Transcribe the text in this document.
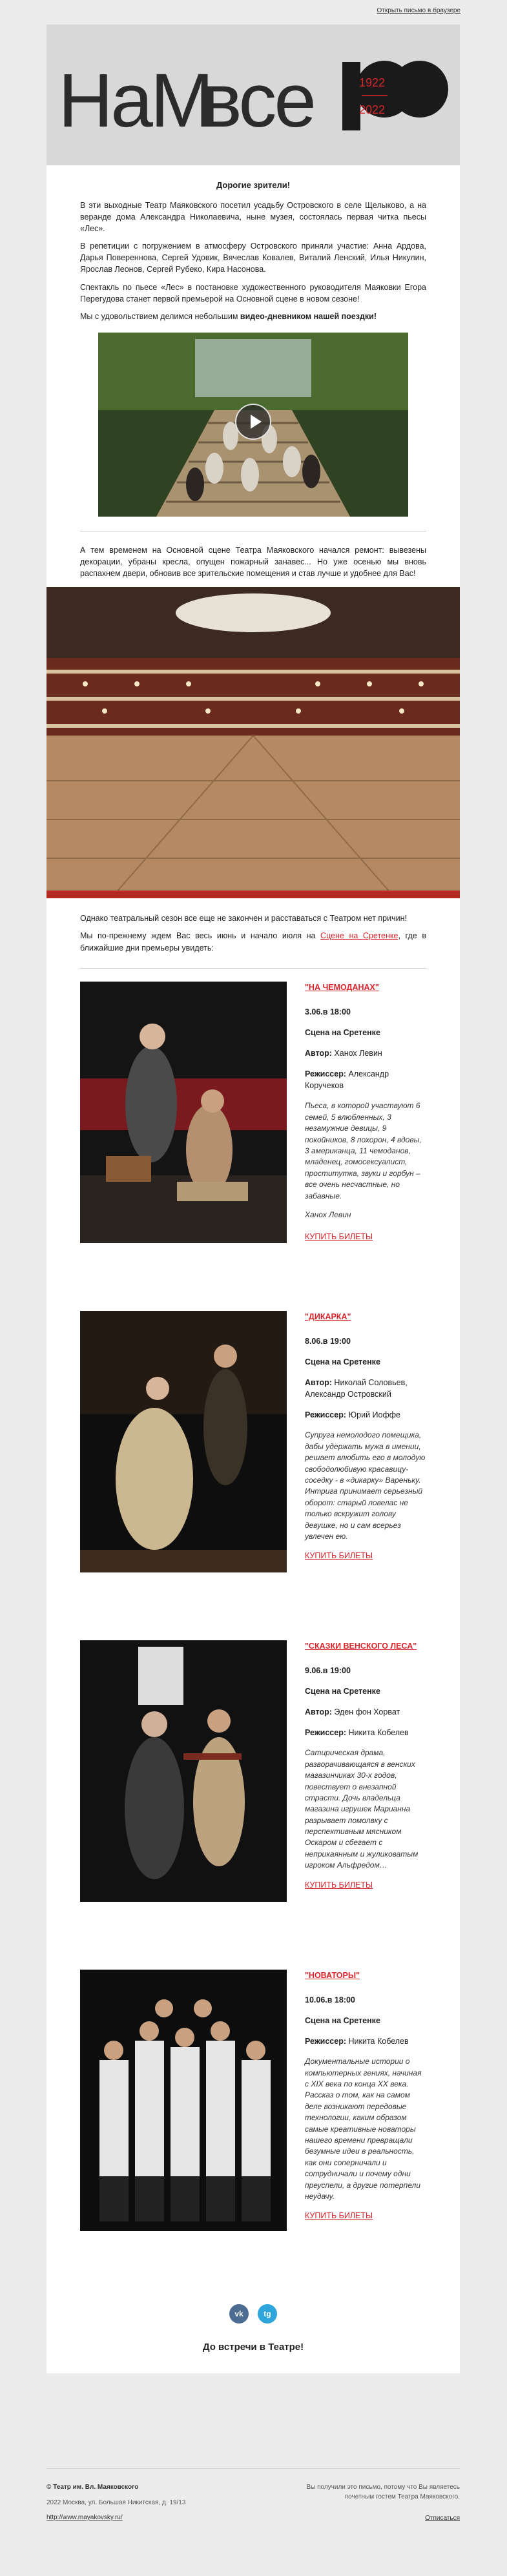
Открыть письмо в браузере
НаМ
все	1922
2022
100
Дорогие зрители!

В эти выходные Театр Маяковского посетил усадьбу Островского в селе Щелыково, а на веранде дома Александра Николаевича, ныне музея, состоялась первая читка пьесы «Лес».

В репетиции с погружением в атмосферу Островского приняли участие: Анна Ардова, Дарья Повереннова, Сергей Удовик, Вячеслав Ковалев, Виталий Ленский, Илья Никулин, Ярослав Леонов, Сергей Рубеко, Кира Насонова.

Спектакль по пьесе «Лес» в постановке художественного руководителя Маяковки Егора Перегудова станет первой премьерой на Основной сцене в новом сезоне!

Мы с удовольствием делимся небольшим видео-дневником нашей поездки!

А тем временем на Основной сцене Театра Маяковского начался ремонт: вывезены декорации, убраны кресла, опущен пожарный занавес... Но уже осенью мы вновь распахнем двери, обновив все зрительские помещения и став лучше и удобнее для Вас!

Однако театральный сезон все еще не закончен и расставаться с Театром нет причин!

Мы по-прежнему ждем Вас весь июнь и начало июля на Сцене на Сретенке, где в ближайшие дни премьеры увидеть:

"НА ЧЕМОДАНАХ"
3.06.в 18:00
Сцена на Сретенке
Автор: Ханох Левин
Режиссер: Александр Коручеков
Пьеса, в которой участвуют 6 семей, 5 влюбленных, 3 незамужние девицы, 9 покойников, 8 похорон, 4 вдовы, 3 американца, 11 чемоданов, младенец, гомосексуалист, проститутка, звуки и горбун – все очень несчастные, но забавные.
Ханох Левин
КУПИТЬ БИЛЕТЫ
"ДИКАРКА"
8.06.в 19:00
Сцена на Сретенке
Автор: Николай Соловьев, Александр Островский
Режиссер: Юрий Иоффе
Супруга немолодого помещика, дабы удержать мужа в имении, решает влюбить его в молодую свободолюбивую красавицу-соседку - в «дикарку» Вареньку. Интрига принимает серьезный оборот: старый ловелас не только вскружит голову девушке, но и сам всерьез увлечен ею.
КУПИТЬ БИЛЕТЫ
"СКАЗКИ ВЕНСКОГО ЛЕСА"
9.06.в 19:00
Сцена на Сретенке
Автор: Эден фон Хорват
Режиссер: Никита Кобелев
Сатирическая драма, разворачивающаяся в венских магазинчиках 30-х годов, повествует о внезапной страсти. Дочь владельца магазина игрушек Марианна разрывает помолвку с перспективным мясником Оскаром и сбегает с неприкаянным и жуликоватым игроком Альфредом…
КУПИТЬ БИЛЕТЫ
"НОВАТОРЫ"
10.06.в 18:00
Сцена на Сретенке
Режиссер: Никита Кобелев
Документальные истории о компьютерных гениях, начиная с XIX века по конца XX века. Рассказ о том, как на самом деле возникают передовые технологии, каким образом самые креативные новаторы нашего времени превращали безумные идеи в реальность, как они соперничали и сотрудничали и почему одни преуспели, а другие потерпели неудачу.
КУПИТЬ БИЛЕТЫ
vk	tg
До встречи в Театре!
© Театр им. Вл. Маяковского
2022 Москва, ул. Большая Никитская, д. 19/13
http://www.mayakovsky.ru/
Вы получили это письмо, потому что Вы являетесь почетным гостем Театра Маяковского.
Отписаться
